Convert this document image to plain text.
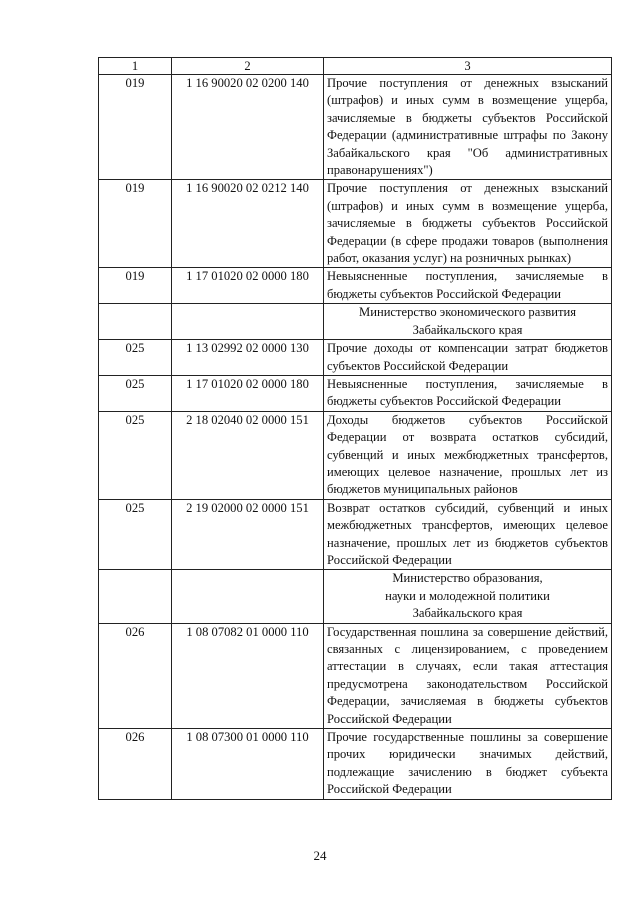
1	2	3
019	1 16 90020 02 0200 140	Прочие поступления от денежных взысканий (штрафов) и иных сумм в возмещение ущерба, зачисляемые в бюджеты субъектов Российской Федерации (административные штрафы по Закону Забайкальского края "Об административных правонарушениях")
019	1 16 90020 02 0212 140	Прочие поступления от денежных взысканий (штрафов) и иных сумм в возмещение ущерба, зачисляемые в бюджеты субъектов Российской Федерации (в сфере продажи товаров (выполнения работ, оказания услуг) на розничных рынках)
019	1 17 01020 02 0000 180	Невыясненные поступления, зачисляемые в бюджеты субъектов Российской Федерации

		Министерство экономического развития
Забайкальского края

025	1 13 02992 02 0000 130	Прочие доходы от компенсации затрат бюджетов субъектов Российской Федерации
025	1 17 01020 02 0000 180	Невыясненные поступления, зачисляемые в бюджеты субъектов Российской Федерации
025	2 18 02040 02 0000 151	Доходы бюджетов субъектов Российской Федерации от возврата остатков субсидий, субвенций и иных межбюджетных трансфертов, имеющих целевое назначение, прошлых лет из бюджетов муниципальных районов
025	2 19 02000 02 0000 151	Возврат остатков субсидий, субвенций и иных межбюджетных трансфертов, имеющих целевое назначение, прошлых лет из бюджетов субъектов Российской Федерации

		Министерство образования,
науки и молодежной политики
Забайкальского края

026	1 08 07082 01 0000 110	Государственная пошлина за совершение действий, связанных с лицензированием, с проведением аттестации в случаях, если такая аттестация предусмотрена законодательством Российской Федерации, зачисляемая в бюджеты субъектов Российской Федерации
026	1 08 07300 01 0000 110	Прочие государственные пошлины за совершение прочих юридически значимых действий, подлежащие зачислению в бюджет субъекта Российской Федерации
24
